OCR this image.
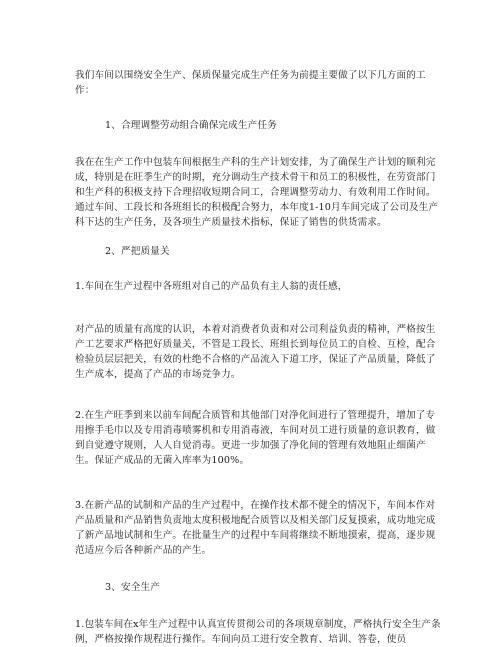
我们车间以围绕安全生产、保质保量完成生产任务为前提主要做了以下几方面的工作：

1、合理调整劳动组合确保完成生产任务

我在在生产工作中包装车间根据生产科的生产计划安排，为了确保生产计划的顺利完成，特别是在旺季生产的时期，充分调动生产技术骨干和员工的积极性，在劳资部门和生产科的积极支持下合理招收短期合同工，合理调整劳动力、有效利用工作时间。通过车间、工段长和各班组长的积极配合努力，本年度1-10月车间完成了公司及生产科下达的生产任务，及各项生产质量技术指标，保证了销售的供货需求。

2、严把质量关

1.车间在生产过程中各班组对自己的产品负有主人翁的责任感，

对产品的质量有高度的认识，本着对消费者负责和对公司利益负责的精神，严格按生产工艺要求严格把好质量关，不管是工段长、班组长到每位员工的自检、互检，配合检验员层层把关，有效的杜绝不合格的产品流入下道工序，保证了产品质量，降低了生产成本，提高了产品的市场竞争力。

2.在生产旺季到来以前车间配合质管和其他部门对净化间进行了管理提升，增加了专用擦手毛巾以及专用消毒喷雾机和专用消毒液，车间对员工进行质量的意识教育，做到自觉遵守规则，人人自觉消毒。更进一步加强了净化间的管理有效地阻止细菌产生。保证产成品的无菌入库率为100%。

3.在新产品的试制和产品的生产过程中，在操作技术都不健全的情况下，车间本作对产品质量和产品销售负责地太度积极地配合质管以及相关部门反复摸索，成功地完成了新产品地试制和生产。在批量生产的过程中车间将继续不断地摸索，提高，逐步规范适应今后各种新产品的产生。

3、安全生产

1.包装车间在x年生产过程中认真宣传贯彻公司的各项规章制度，严格执行安全生产条例，严格按操作规程进行操作。车间向员工进行安全教育、培训、答卷，使员
